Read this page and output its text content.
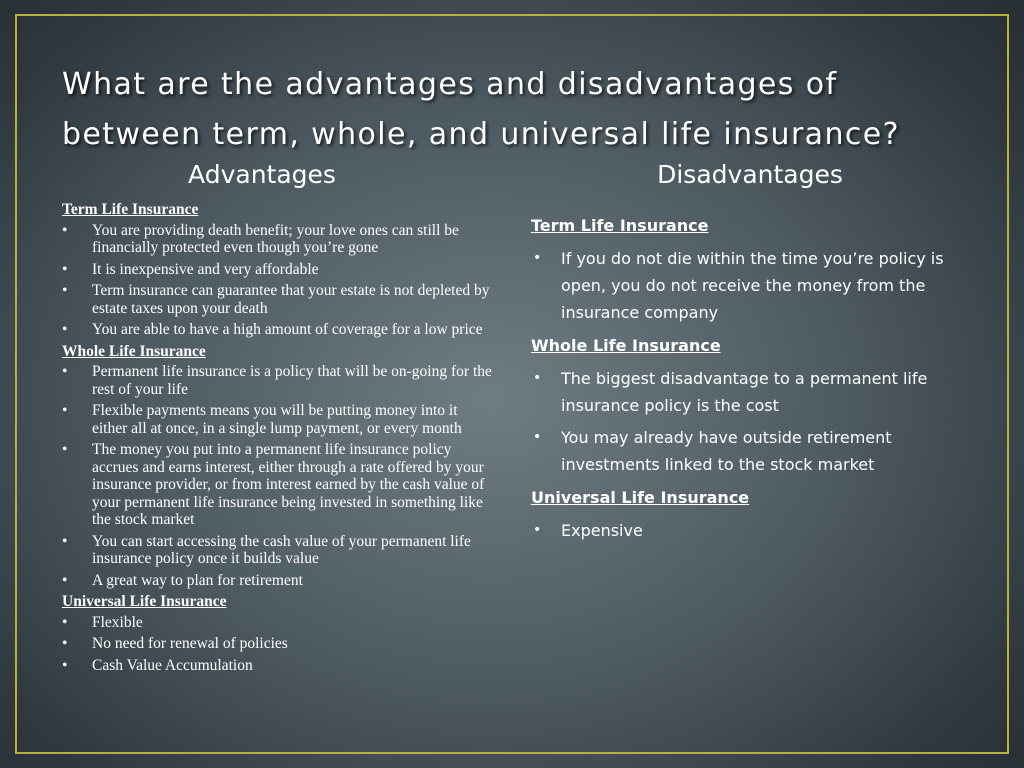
What are the advantages and disadvantages of between term, whole, and universal life insurance?
Advantages	Disadvantages
Term Life Insurance
• You are providing death benefit; your love ones can still be financially protected even though you’re gone
• It is inexpensive and very affordable
• Term insurance can guarantee that your estate is not depleted by estate taxes upon your death
• You are able to have a high amount of coverage for a low price
Whole Life Insurance
• Permanent life insurance is a policy that will be on-going for the rest of your life
• Flexible payments means you will be putting money into it either all at once, in a single lump payment, or every month
• The money you put into a permanent life insurance policy accrues and earns interest, either through a rate offered by your insurance provider, or from interest earned by the cash value of your permanent life insurance being invested in something like the stock market
• You can start accessing the cash value of your permanent life insurance policy once it builds value
• A great way to plan for retirement
Universal Life Insurance
• Flexible
• No need for renewal of policies
• Cash Value Accumulation
Term Life Insurance
• If you do not die within the time you’re policy is open, you do not receive the money from the insurance company
Whole Life Insurance
• The biggest disadvantage to a permanent life insurance policy is the cost
• You may already have outside retirement investments linked to the stock market
Universal Life Insurance
• Expensive
